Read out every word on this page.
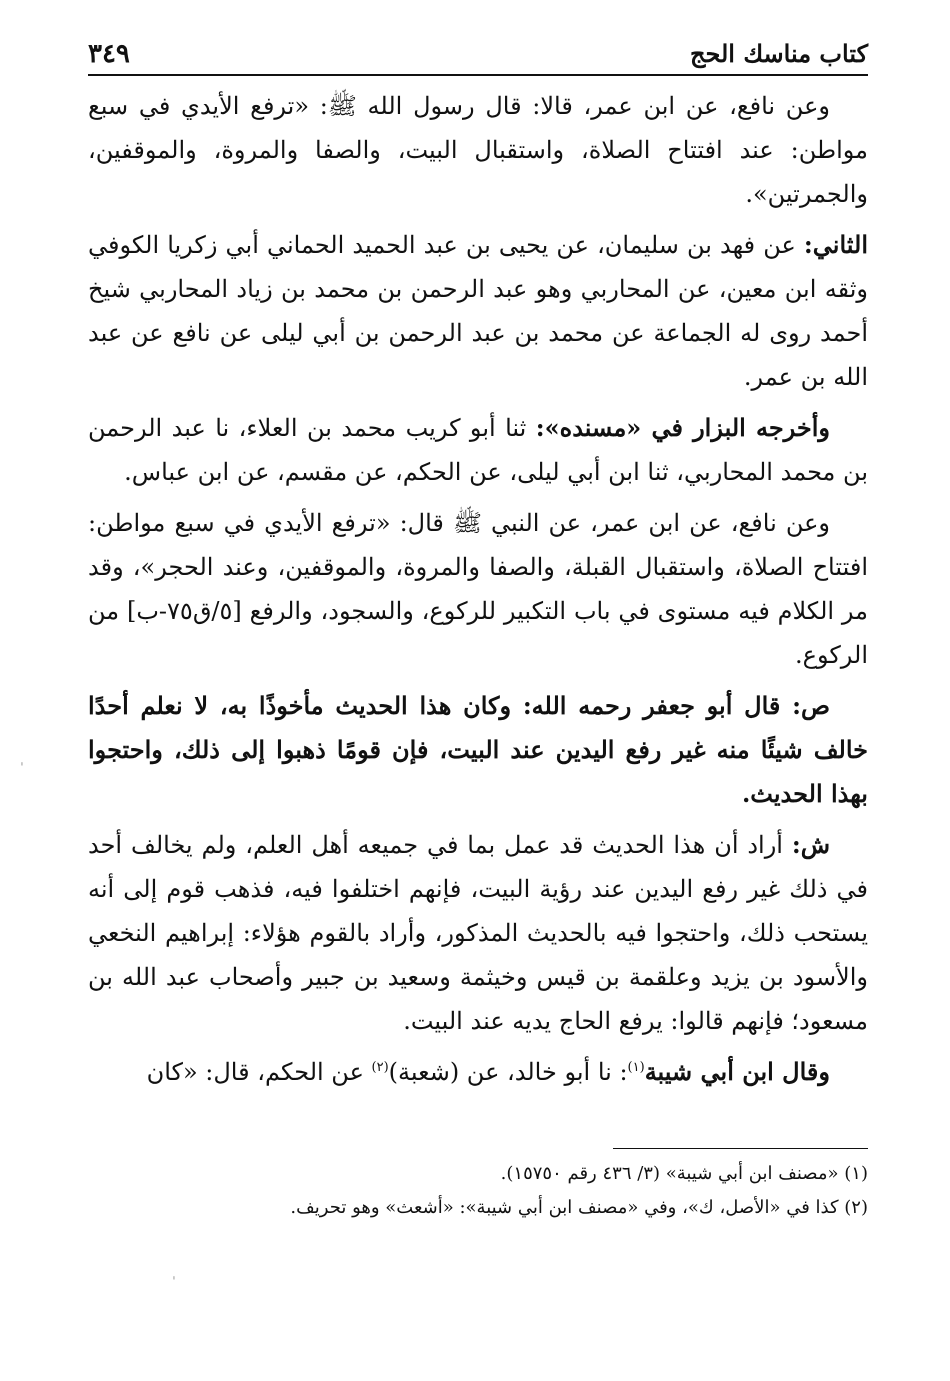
كتاب مناسك الحج
٣٤٩

وعن نافع، عن ابن عمر، قالا: قال رسول الله ﷺ: «ترفع الأيدي في سبع مواطن: عند افتتاح الصلاة، واستقبال البيت، والصفا والمروة، والموقفين، والجمرتين».

الثاني: عن فهد بن سليمان، عن يحيى بن عبد الحميد الحماني أبي زكريا الكوفي وثقه ابن معين، عن المحاربي وهو عبد الرحمن بن محمد بن زياد المحاربي شيخ أحمد روى له الجماعة عن محمد بن عبد الرحمن بن أبي ليلى عن نافع عن عبد الله بن عمر.

وأخرجه البزار في «مسنده»: ثنا أبو كريب محمد بن العلاء، نا عبد الرحمن بن محمد المحاربي، ثنا ابن أبي ليلى، عن الحكم، عن مقسم، عن ابن عباس.

وعن نافع، عن ابن عمر، عن النبي ﷺ قال: «ترفع الأيدي في سبع مواطن: افتتاح الصلاة، واستقبال القبلة، والصفا والمروة، والموقفين، وعند الحجر»، وقد مر الكلام فيه مستوى في باب التكبير للركوع، والسجود، والرفع [٥/ق٧٥-ب] من الركوع.

ص: قال أبو جعفر رحمه الله: وكان هذا الحديث مأخوذًا به، لا نعلم أحدًا خالف شيئًا منه غير رفع اليدين عند البيت، فإن قومًا ذهبوا إلى ذلك، واحتجوا بهذا الحديث.

ش: أراد أن هذا الحديث قد عمل بما في جميعه أهل العلم، ولم يخالف أحد في ذلك غير رفع اليدين عند رؤية البيت، فإنهم اختلفوا فيه، فذهب قوم إلى أنه يستحب ذلك، واحتجوا فيه بالحديث المذكور، وأراد بالقوم هؤلاء: إبراهيم النخعي والأسود بن يزيد وعلقمة بن قيس وخيثمة وسعيد بن جبير وأصحاب عبد الله بن مسعود؛ فإنهم قالوا: يرفع الحاج يديه عند البيت.

وقال ابن أبي شيبة$^{(١)}$: نا أبو خالد، عن (شعبة)$^{(٢)}$ عن الحكم، قال: «كان

(١) «مصنف ابن أبي شيبة» (٣/ ٤٣٦ رقم ١٥٧٥٠).

(٢) كذا في «الأصل، ك»، وفي «مصنف ابن أبي شيبة»: «أشعث» وهو تحريف.

ˌ
ˌ
